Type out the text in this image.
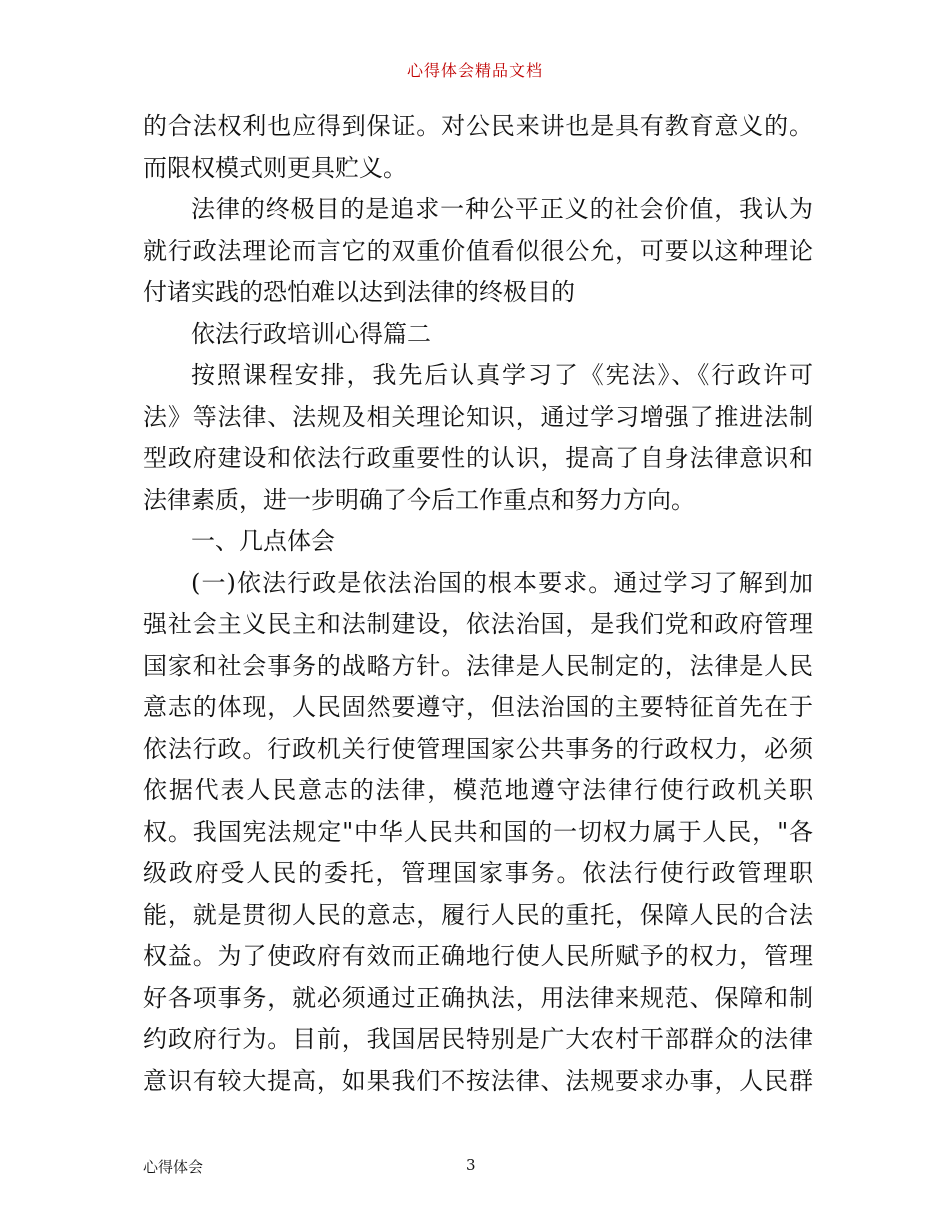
心得体会精品文档
的合法权利也应得到保证。对公民来讲也是具有教育意义的。
而限权模式则更具贮义。
法律的终极目的是追求一种公平正义的社会价值，我认为
就行政法理论而言它的双重价值看似很公允，可要以这种理论
付诸实践的恐怕难以达到法律的终极目的
依法行政培训心得篇二
按照课程安排，我先后认真学习了《宪法》、《行政许可
法》等法律、法规及相关理论知识，通过学习增强了推进法制
型政府建设和依法行政重要性的认识，提高了自身法律意识和
法律素质，进一步明确了今后工作重点和努力方向。
一、几点体会
(一)依法行政是依法治国的根本要求。通过学习了解到加
强社会主义民主和法制建设，依法治国，是我们党和政府管理
国家和社会事务的战略方针。法律是人民制定的，法律是人民
意志的体现，人民固然要遵守，但法治国的主要特征首先在于
依法行政。行政机关行使管理国家公共事务的行政权力，必须
依据代表人民意志的法律，模范地遵守法律行使行政机关职
权。我国宪法规定"中华人民共和国的一切权力属于人民，"各
级政府受人民的委托，管理国家事务。依法行使行政管理职
能，就是贯彻人民的意志，履行人民的重托，保障人民的合法
权益。为了使政府有效而正确地行使人民所赋予的权力，管理
好各项事务，就必须通过正确执法，用法律来规范、保障和制
约政府行为。目前，我国居民特别是广大农村干部群众的法律
意识有较大提高，如果我们不按法律、法规要求办事，人民群
心得体会	3
